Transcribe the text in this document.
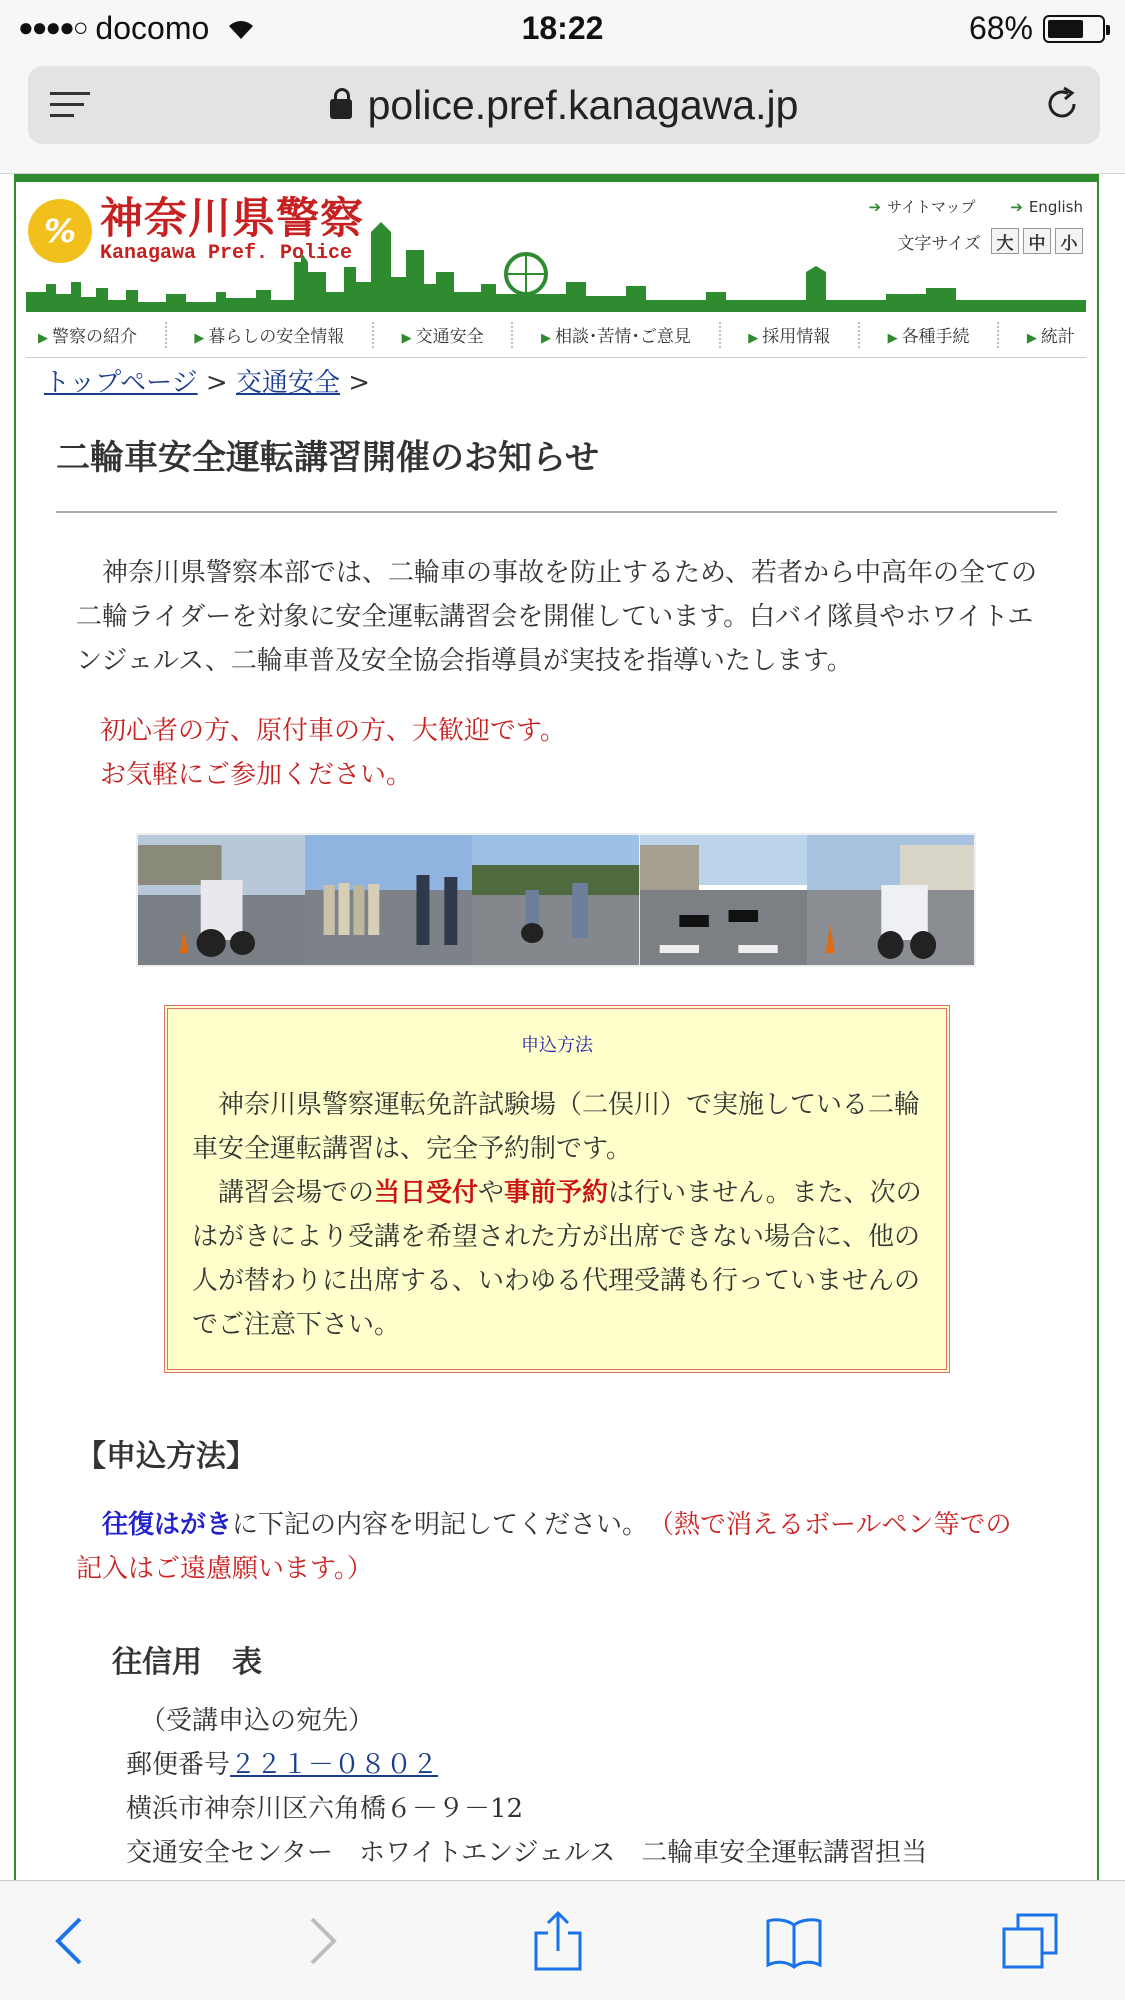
●●●●○ docomo	18:22	68%
police.pref.kanagawa.jp
% 神奈川県警察
Kanagawa Pref. Police
➔ サイトマップ ➔ English
文字サイズ 大 中 小
▶ 警察の紹介	▶ 暮らしの安全情報	▶ 交通安全	▶ 相談･苦情･ご意見	▶ 採用情報	▶ 各種手続	▶ 統計
トップページ > 交通安全 >
二輪車安全運転講習開催のお知らせ

神奈川県警察本部では、二輪車の事故を防止するため、若者から中高年の全ての二輪ライダーを対象に安全運転講習会を開催しています。白バイ隊員やホワイトエンジェルス、二輪車普及安全協会指導員が実技を指導いたします。

初心者の方、原付車の方、大歓迎です。
お気軽にご参加ください。
申込方法

神奈川県警察運転免許試験場（二俣川）で実施している二輪車安全運転講習は、完全予約制です。

講習会場での当日受付や事前予約は行いません。また、次のはがきにより受講を希望された方が出席できない場合に、他の人が替わりに出席する、いわゆる代理受講も行っていませんのでご注意下さい。

【申込方法】

往復はがきに下記の内容を明記してください。　（熱で消えるボールペン等での記入はご遠慮願います。）

往信用　表
（受講申込の宛先）
郵便番号２２１－０８０２
横浜市神奈川区六角橋６－９－12
交通安全センター　ホワイトエンジェルス　二輪車安全運転講習担当
